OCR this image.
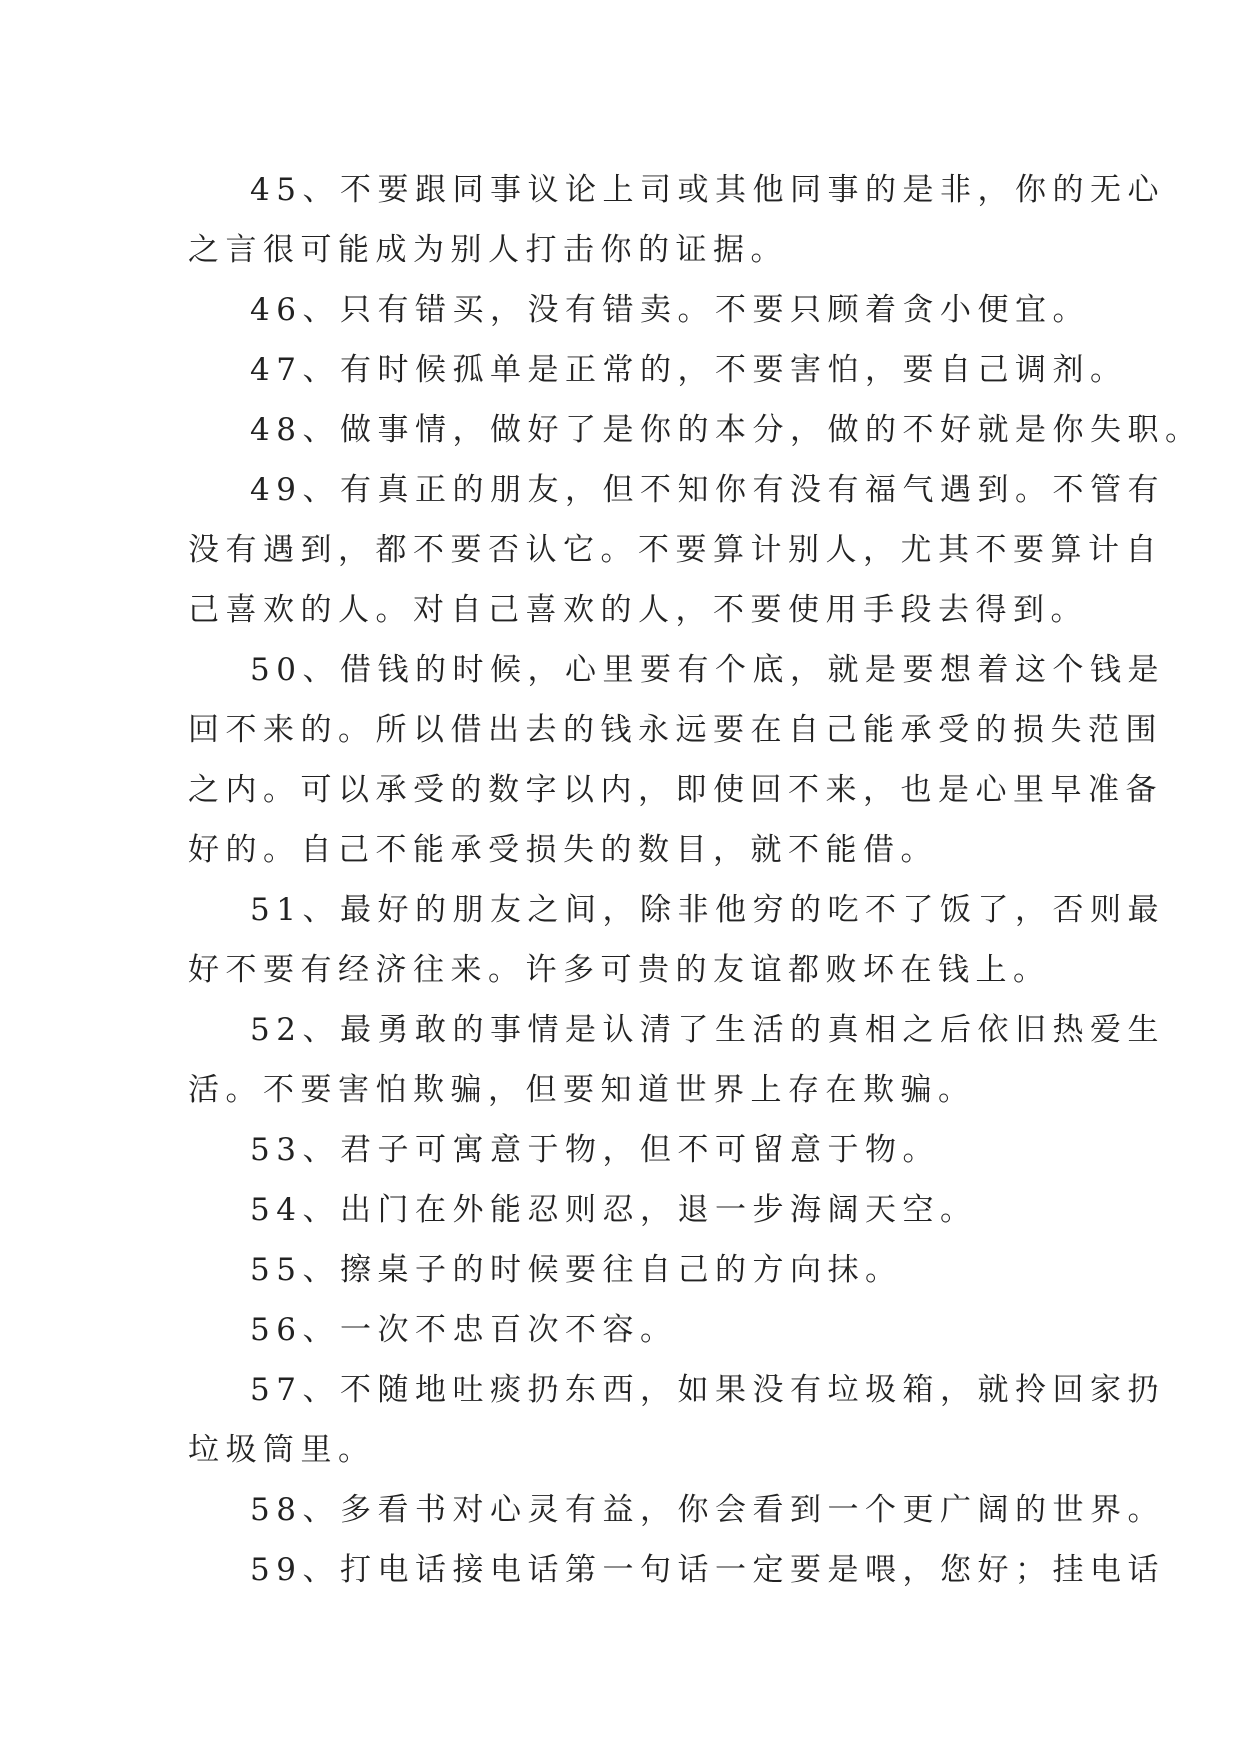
45、不要跟同事议论上司或其他同事的是非，你的无心
之言很可能成为别人打击你的证据。

46、只有错买，没有错卖。不要只顾着贪小便宜。

47、有时候孤单是正常的，不要害怕，要自己调剂。

48、做事情，做好了是你的本分，做的不好就是你失职。

49、有真正的朋友，但不知你有没有福气遇到。不管有
没有遇到，都不要否认它。不要算计别人，尤其不要算计自
己喜欢的人。对自己喜欢的人，不要使用手段去得到。

50、借钱的时候，心里要有个底，就是要想着这个钱是
回不来的。所以借出去的钱永远要在自己能承受的损失范围
之内。可以承受的数字以内，即使回不来，也是心里早准备
好的。自己不能承受损失的数目，就不能借。

51、最好的朋友之间，除非他穷的吃不了饭了，否则最
好不要有经济往来。许多可贵的友谊都败坏在钱上。

52、最勇敢的事情是认清了生活的真相之后依旧热爱生
活。不要害怕欺骗，但要知道世界上存在欺骗。

53、君子可寓意于物，但不可留意于物。

54、出门在外能忍则忍，退一步海阔天空。

55、擦桌子的时候要往自己的方向抹。

56、一次不忠百次不容。

57、不随地吐痰扔东西，如果没有垃圾箱，就拎回家扔
垃圾筒里。

58、多看书对心灵有益，你会看到一个更广阔的世界。

59、打电话接电话第一句话一定要是喂，您好；挂电话
